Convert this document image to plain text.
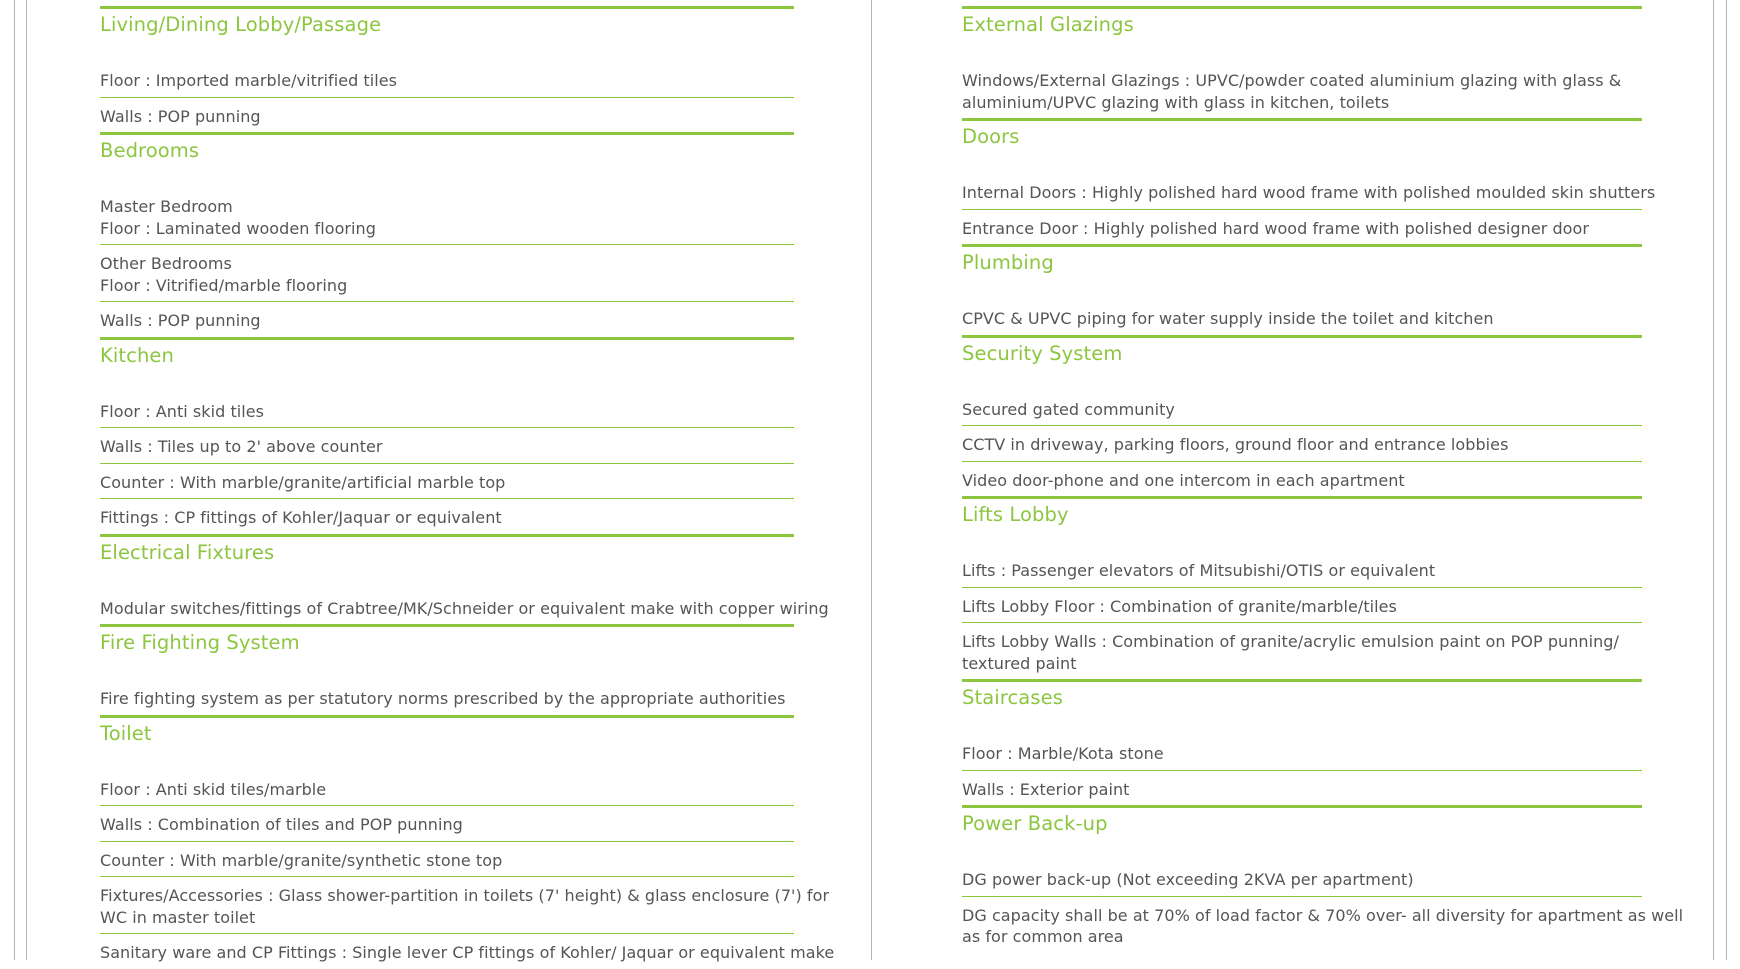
Living/Dining Lobby/Passage
Floor : Imported marble/vitrified tiles
Walls : POP punning
Bedrooms
Master Bedroom
Floor : Laminated wooden flooring
Other Bedrooms
Floor : Vitrified/marble flooring
Walls : POP punning
Kitchen
Floor : Anti skid tiles
Walls : Tiles up to 2' above counter
Counter : With marble/granite/artificial marble top
Fittings : CP fittings of Kohler/Jaquar or equivalent
Electrical Fixtures
Modular switches/fittings of Crabtree/MK/Schneider or equivalent make with copper wiring
Fire Fighting System
Fire fighting system as per statutory norms prescribed by the appropriate authorities
Toilet
Floor : Anti skid tiles/marble
Walls : Combination of tiles and POP punning
Counter : With marble/granite/synthetic stone top
Fixtures/Accessories : Glass shower-partition in toilets (7' height) & glass enclosure (7') for
WC in master toilet
Sanitary ware and CP Fittings : Single lever CP fittings of Kohler/ Jaquar or equivalent make
External Glazings
Windows/External Glazings : UPVC/powder coated aluminium glazing with glass &
aluminium/UPVC glazing with glass in kitchen, toilets
Doors
Internal Doors : Highly polished hard wood frame with polished moulded skin shutters
Entrance Door : Highly polished hard wood frame with polished designer door
Plumbing
CPVC & UPVC piping for water supply inside the toilet and kitchen
Security System
Secured gated community
CCTV in driveway, parking floors, ground floor and entrance lobbies
Video door-phone and one intercom in each apartment
Lifts Lobby
Lifts : Passenger elevators of Mitsubishi/OTIS or equivalent
Lifts Lobby Floor : Combination of granite/marble/tiles
Lifts Lobby Walls : Combination of granite/acrylic emulsion paint on POP punning/
textured paint
Staircases
Floor : Marble/Kota stone
Walls : Exterior paint
Power Back-up
DG power back-up (Not exceeding 2KVA per apartment)
DG capacity shall be at 70% of load factor & 70% over- all diversity for apartment as well
as for common area
